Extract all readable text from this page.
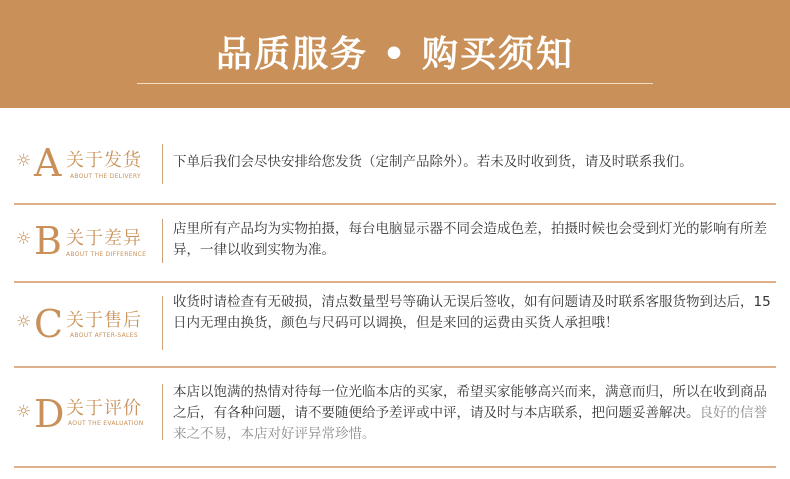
品质服务 • 购买须知
☼ A 关于发货
ABOUT THE DELIVERY
下单后我们会尽快安排给您发货（定制产品除外）。若未及时收到货，请及时联系我们。
☼ B 关于差异
ABOUT THE DIFFERENCE
店里所有产品均为实物拍摄，每台电脑显示器不同会造成色差，拍摄时候也会受到灯光的影响有所差异，一律以收到实物为准。
☼ C 关于售后
ABOUT AFTER-SALES
收货时请检查有无破损，清点数量型号等确认无误后签收，如有问题请及时联系客服货物到达后，15日内无理由换货，颜色与尺码可以调换，但是来回的运费由买货人承担哦！
☼ D 关于评价
AOUT THE EVALUATION
本店以饱满的热情对待每一位光临本店的买家，希望买家能够高兴而来，满意而归，所以在收到商品之后，有各种问题，请不要随便给予差评或中评，请及时与本店联系，把问题妥善解决。良好的信誉来之不易，本店对好评异常珍惜。
